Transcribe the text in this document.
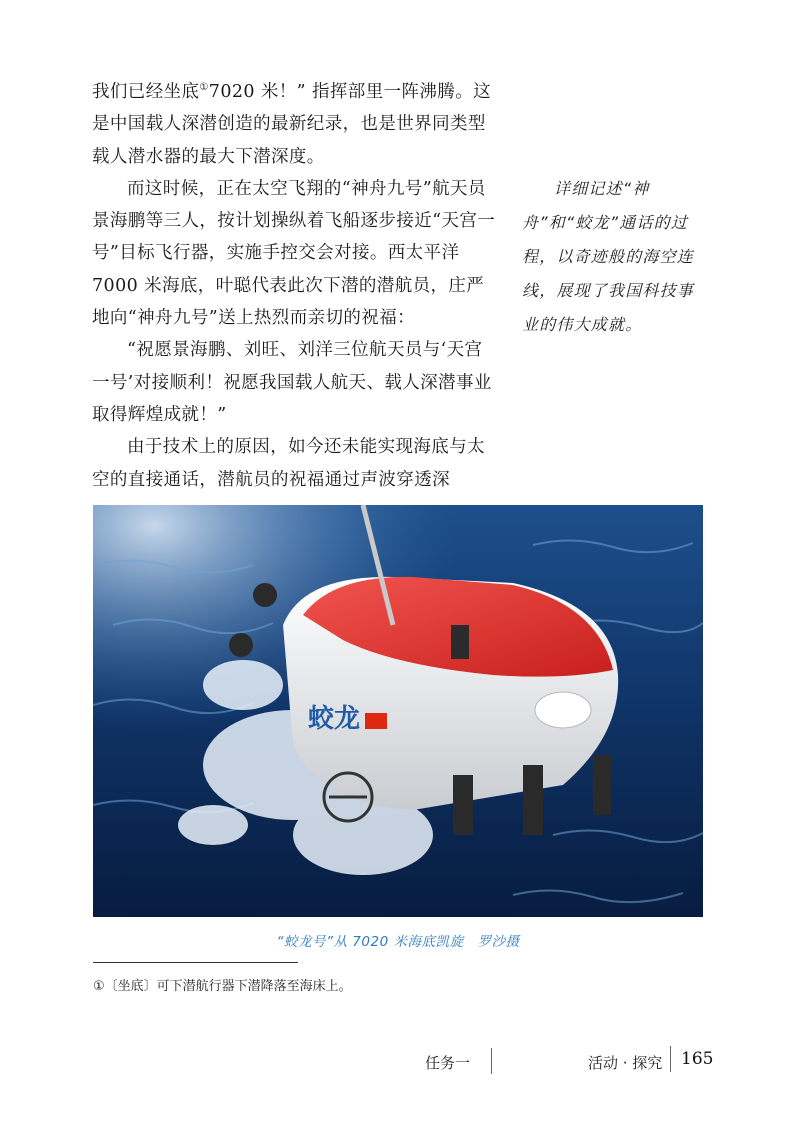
我们已经坐底①7020 米！” 指挥部里一阵沸腾。这是中国载人深潜创造的最新纪录，也是世界同类型载人潜水器的最大下潜深度。

而这时候，正在太空飞翔的“神舟九号”航天员景海鹏等三人，按计划操纵着飞船逐步接近“天宫一号”目标飞行器，实施手控交会对接。西太平洋 7000 米海底，叶聪代表此次下潜的潜航员，庄严地向“神舟九号”送上热烈而亲切的祝福：

“祝愿景海鹏、刘旺、刘洋三位航天员与‘天宫一号’对接顺利！祝愿我国载人航天、载人深潜事业取得辉煌成就！”

由于技术上的原因，如今还未能实现海底与太空的直接通话，潜航员的祝福通过声波穿透深

详细记述“神舟”和“蛟龙”通话的过程，以奇迹般的海空连线，展现了我国科技事业的伟大成就。

蛟龙
“蛟龙号”从 7020 米海底凯旋 罗沙摄
①〔坐底〕可下潜航行器下潜降落至海床上。
任务一	活动 · 探究 165
